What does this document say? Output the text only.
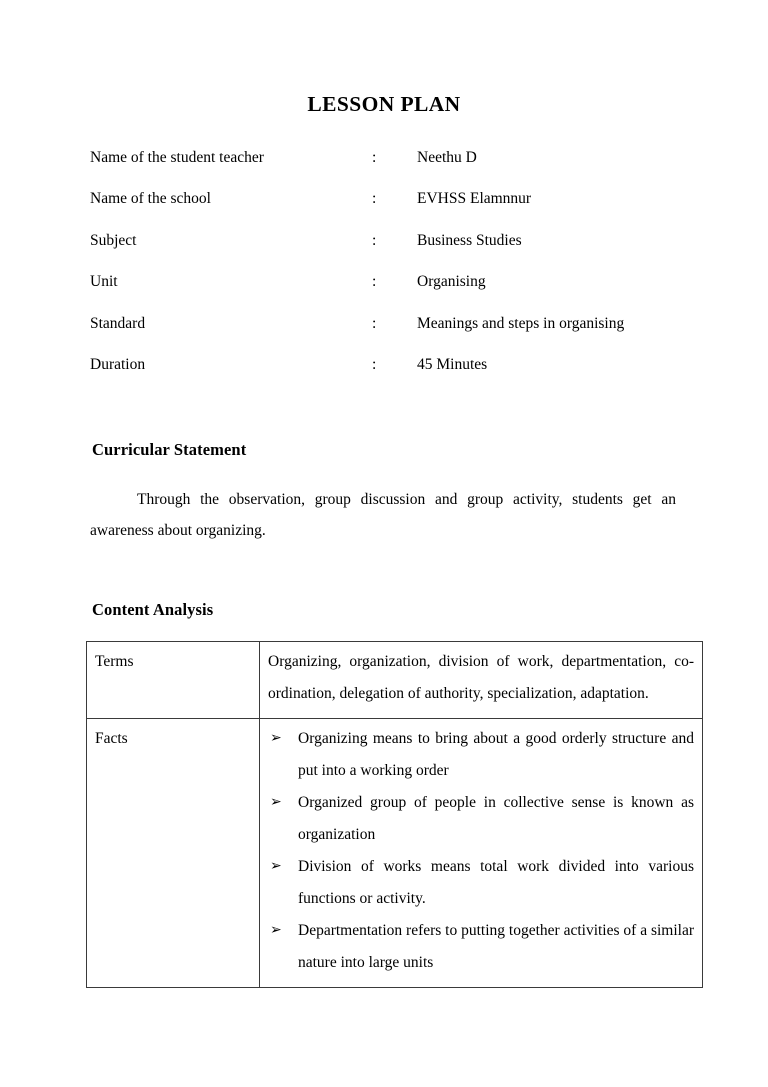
LESSON PLAN
Name of the student teacher	:	Neethu D
Name of the school	:	EVHSS Elamnnur
Subject	:	Business Studies
Unit	:	Organising
Standard	:	Meanings and steps in organising
Duration	:	45 Minutes
Curricular Statement
Through the observation, group discussion and group activity, students get an awareness about organizing.
Content Analysis
Terms	Organizing, organization, division of work, departmentation, co-ordination, delegation of authority, specialization, adaptation.

Facts	➢ Organizing means to bring about a good orderly structure and put into a working order
➢ Organized group of people in collective sense is known as organization
➢ Division of works means total work divided into various functions or activity.
➢ Departmentation refers to putting together activities of a similar nature into large units
